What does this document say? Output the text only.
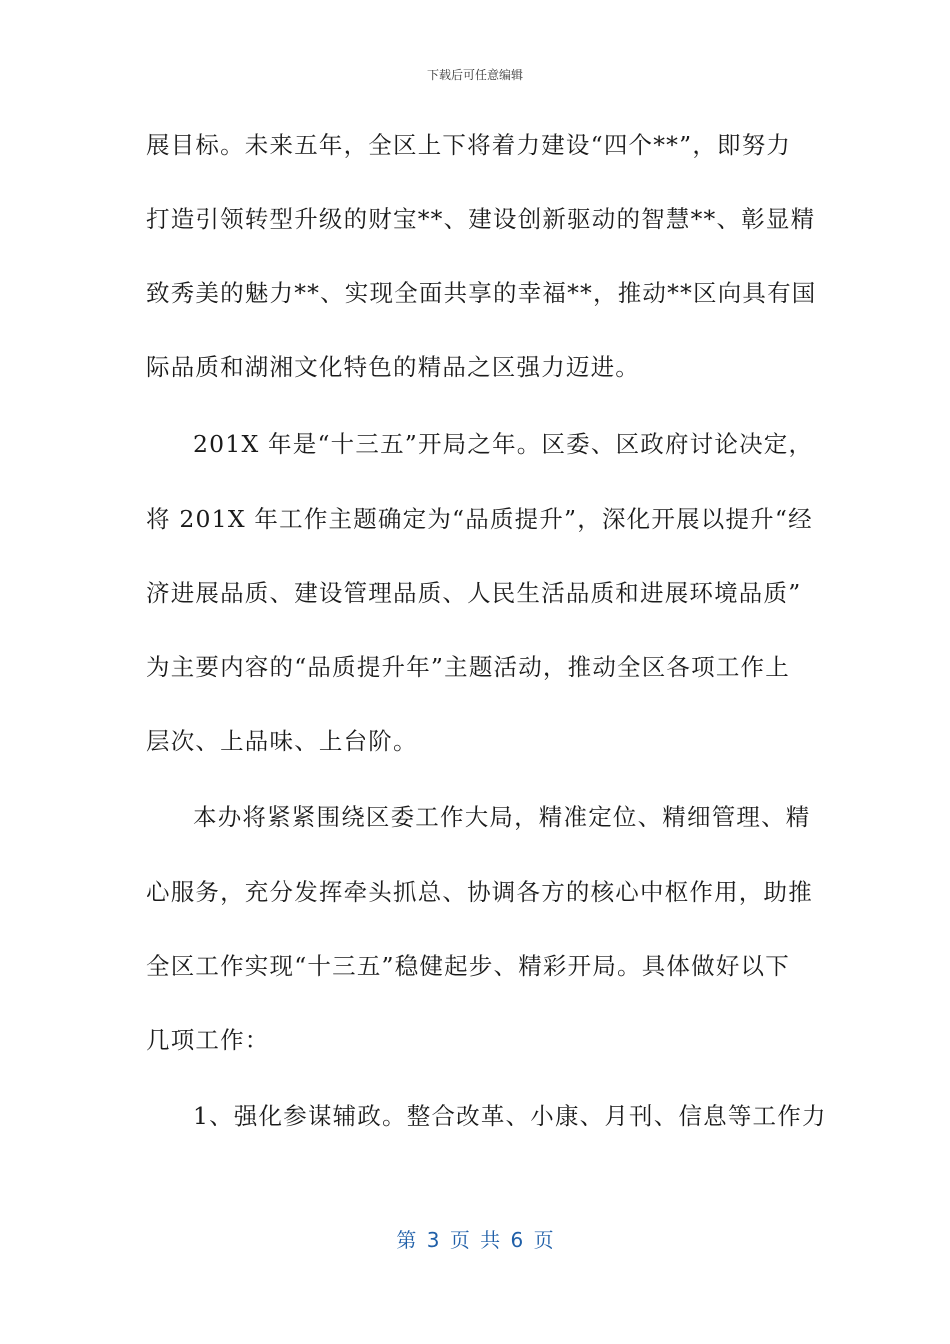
下载后可任意编辑
展目标。未来五年，全区上下将着力建设“四个**”，即努力
打造引领转型升级的财宝**、建设创新驱动的智慧**、彰显精
致秀美的魅力**、实现全面共享的幸福**，推动**区向具有国
际品质和湖湘文化特色的精品之区强力迈进。
201X 年是“十三五”开局之年。区委、区政府讨论决定，
将 201X 年工作主题确定为“品质提升”，深化开展以提升“经
济进展品质、建设管理品质、人民生活品质和进展环境品质”
为主要内容的“品质提升年”主题活动，推动全区各项工作上
层次、上品味、上台阶。
本办将紧紧围绕区委工作大局，精准定位、精细管理、精
心服务，充分发挥牵头抓总、协调各方的核心中枢作用，助推
全区工作实现“十三五”稳健起步、精彩开局。具体做好以下
几项工作：
1、强化参谋辅政。整合改革、小康、月刊、信息等工作力
第 3 页 共 6 页
